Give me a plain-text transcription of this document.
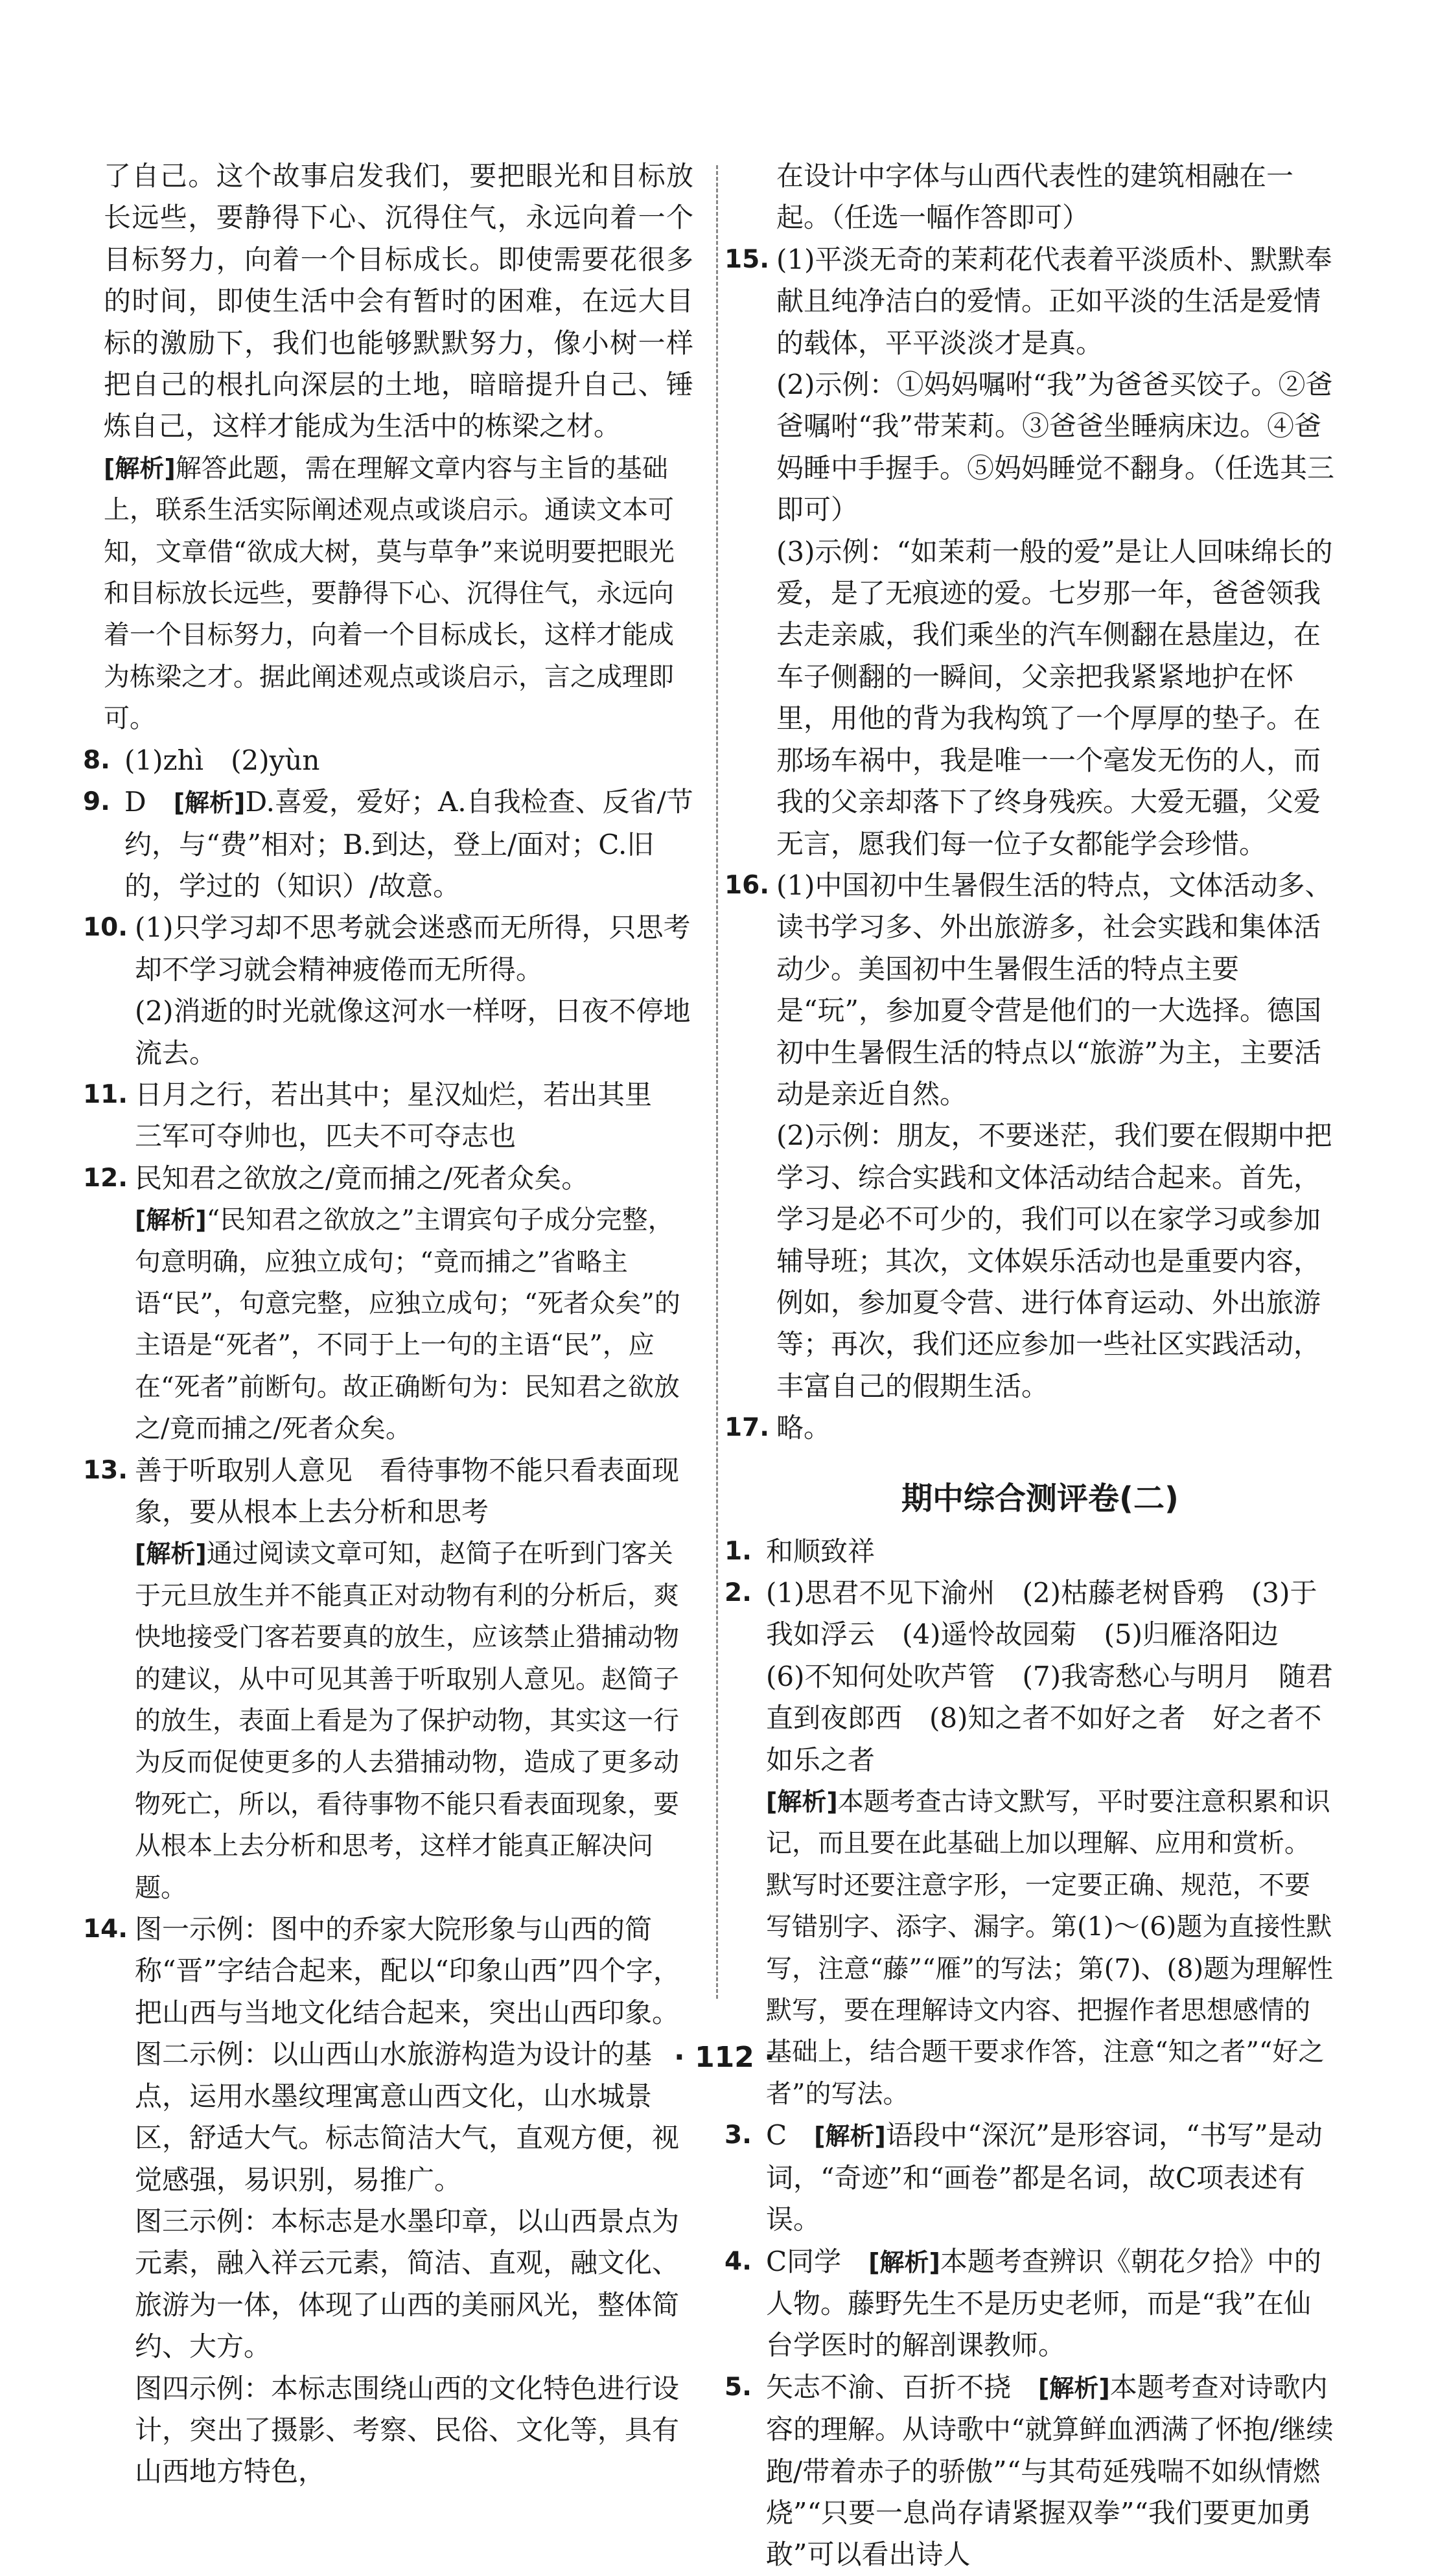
了自己。这个故事启发我们，要把眼光和目标放长远些，要静得下心、沉得住气，永远向着一个目标努力，向着一个目标成长。即使需要花很多的时间，即使生活中会有暂时的困难，在远大目标的激励下，我们也能够默默努力，像小树一样把自己的根扎向深层的土地，暗暗提升自己、锤炼自己，这样才能成为生活中的栋梁之材。

[解析]解答此题，需在理解文章内容与主旨的基础上，联系生活实际阐述观点或谈启示。通读文本可知，文章借“欲成大树，莫与草争”来说明要把眼光和目标放长远些，要静得下心、沉得住气，永远向着一个目标努力，向着一个目标成长，这样才能成为栋梁之才。据此阐述观点或谈启示，言之成理即可。

8. (1)zhì　(2)yùn
9. D　[解析]D.喜爱，爱好；A.自我检查、反省/节约，与“费”相对；B.到达，登上/面对；C.旧的，学过的（知识）/故意。
10. (1)只学习却不思考就会迷惑而无所得，只思考却不学习就会精神疲倦而无所得。
(2)消逝的时光就像这河水一样呀，日夜不停地流去。
11. 日月之行，若出其中；星汉灿烂，若出其里　三军可夺帅也，匹夫不可夺志也
12. 民知君之欲放之/竟而捕之/死者众矣。
[解析]“民知君之欲放之”主谓宾句子成分完整，句意明确，应独立成句；“竟而捕之”省略主语“民”，句意完整，应独立成句；“死者众矣”的主语是“死者”，不同于上一句的主语“民”，应在“死者”前断句。故正确断句为：民知君之欲放之/竟而捕之/死者众矣。
13. 善于听取别人意见　看待事物不能只看表面现象，要从根本上去分析和思考
[解析]通过阅读文章可知，赵简子在听到门客关于元旦放生并不能真正对动物有利的分析后，爽快地接受门客若要真的放生，应该禁止猎捕动物的建议，从中可见其善于听取别人意见。赵简子的放生，表面上看是为了保护动物，其实这一行为反而促使更多的人去猎捕动物，造成了更多动物死亡，所以，看待事物不能只看表面现象，要从根本上去分析和思考，这样才能真正解决问题。
14. 图一示例：图中的乔家大院形象与山西的简称“晋”字结合起来，配以“印象山西”四个字，把山西与当地文化结合起来，突出山西印象。
图二示例：以山西山水旅游构造为设计的基点，运用水墨纹理寓意山西文化，山水城景区，舒适大气。标志简洁大气，直观方便，视觉感强，易识别，易推广。
图三示例：本标志是水墨印章，以山西景点为元素，融入祥云元素，简洁、直观，融文化、旅游为一体，体现了山西的美丽风光，整体简约、大方。
图四示例：本标志围绕山西的文化特色进行设计，突出了摄影、考察、民俗、文化等，具有山西地方特色，
在设计中字体与山西代表性的建筑相融在一起。（任选一幅作答即可）
15. (1)平淡无奇的茉莉花代表着平淡质朴、默默奉献且纯净洁白的爱情。正如平淡的生活是爱情的载体，平平淡淡才是真。
(2)示例：①妈妈嘱咐“我”为爸爸买饺子。②爸爸嘱咐“我”带茉莉。③爸爸坐睡病床边。④爸妈睡中手握手。⑤妈妈睡觉不翻身。（任选其三即可）
(3)示例：“如茉莉一般的爱”是让人回味绵长的爱，是了无痕迹的爱。七岁那一年，爸爸领我去走亲戚，我们乘坐的汽车侧翻在悬崖边，在车子侧翻的一瞬间，父亲把我紧紧地护在怀里，用他的背为我构筑了一个厚厚的垫子。在那场车祸中，我是唯一一个毫发无伤的人，而我的父亲却落下了终身残疾。大爱无疆，父爱无言，愿我们每一位子女都能学会珍惜。
16. (1)中国初中生暑假生活的特点，文体活动多、读书学习多、外出旅游多，社会实践和集体活动少。美国初中生暑假生活的特点主要是“玩”，参加夏令营是他们的一大选择。德国初中生暑假生活的特点以“旅游”为主，主要活动是亲近自然。
(2)示例：朋友，不要迷茫，我们要在假期中把学习、综合实践和文体活动结合起来。首先，学习是必不可少的，我们可以在家学习或参加辅导班；其次，文体娱乐活动也是重要内容，例如，参加夏令营、进行体育运动、外出旅游等；再次，我们还应参加一些社区实践活动，丰富自己的假期生活。
17. 略。
期中综合测评卷(二)
1. 和顺致祥
2. (1)思君不见下渝州　(2)枯藤老树昏鸦　(3)于我如浮云　(4)遥怜故园菊　(5)归雁洛阳边　(6)不知何处吹芦管　(7)我寄愁心与明月　随君直到夜郎西　(8)知之者不如好之者　好之者不如乐之者
[解析]本题考查古诗文默写，平时要注意积累和识记，而且要在此基础上加以理解、应用和赏析。默写时还要注意字形，一定要正确、规范，不要写错别字、添字、漏字。第(1)～(6)题为直接性默写，注意“藤”“雁”的写法；第(7)、(8)题为理解性默写，要在理解诗文内容、把握作者思想感情的基础上，结合题干要求作答，注意“知之者”“好之者”的写法。
3. C　[解析]语段中“深沉”是形容词，“书写”是动词，“奇迹”和“画卷”都是名词，故C项表述有误。
4. C同学　[解析]本题考查辨识《朝花夕拾》中的人物。藤野先生不是历史老师，而是“我”在仙台学医时的解剖课教师。
5. 矢志不渝、百折不挠　[解析]本题考查对诗歌内容的理解。从诗歌中“就算鲜血洒满了怀抱/继续跑/带着赤子的骄傲”“与其苟延残喘不如纵情燃烧”“只要一息尚存请紧握双拳”“我们要更加勇敢”可以看出诗人
· 112 ·
